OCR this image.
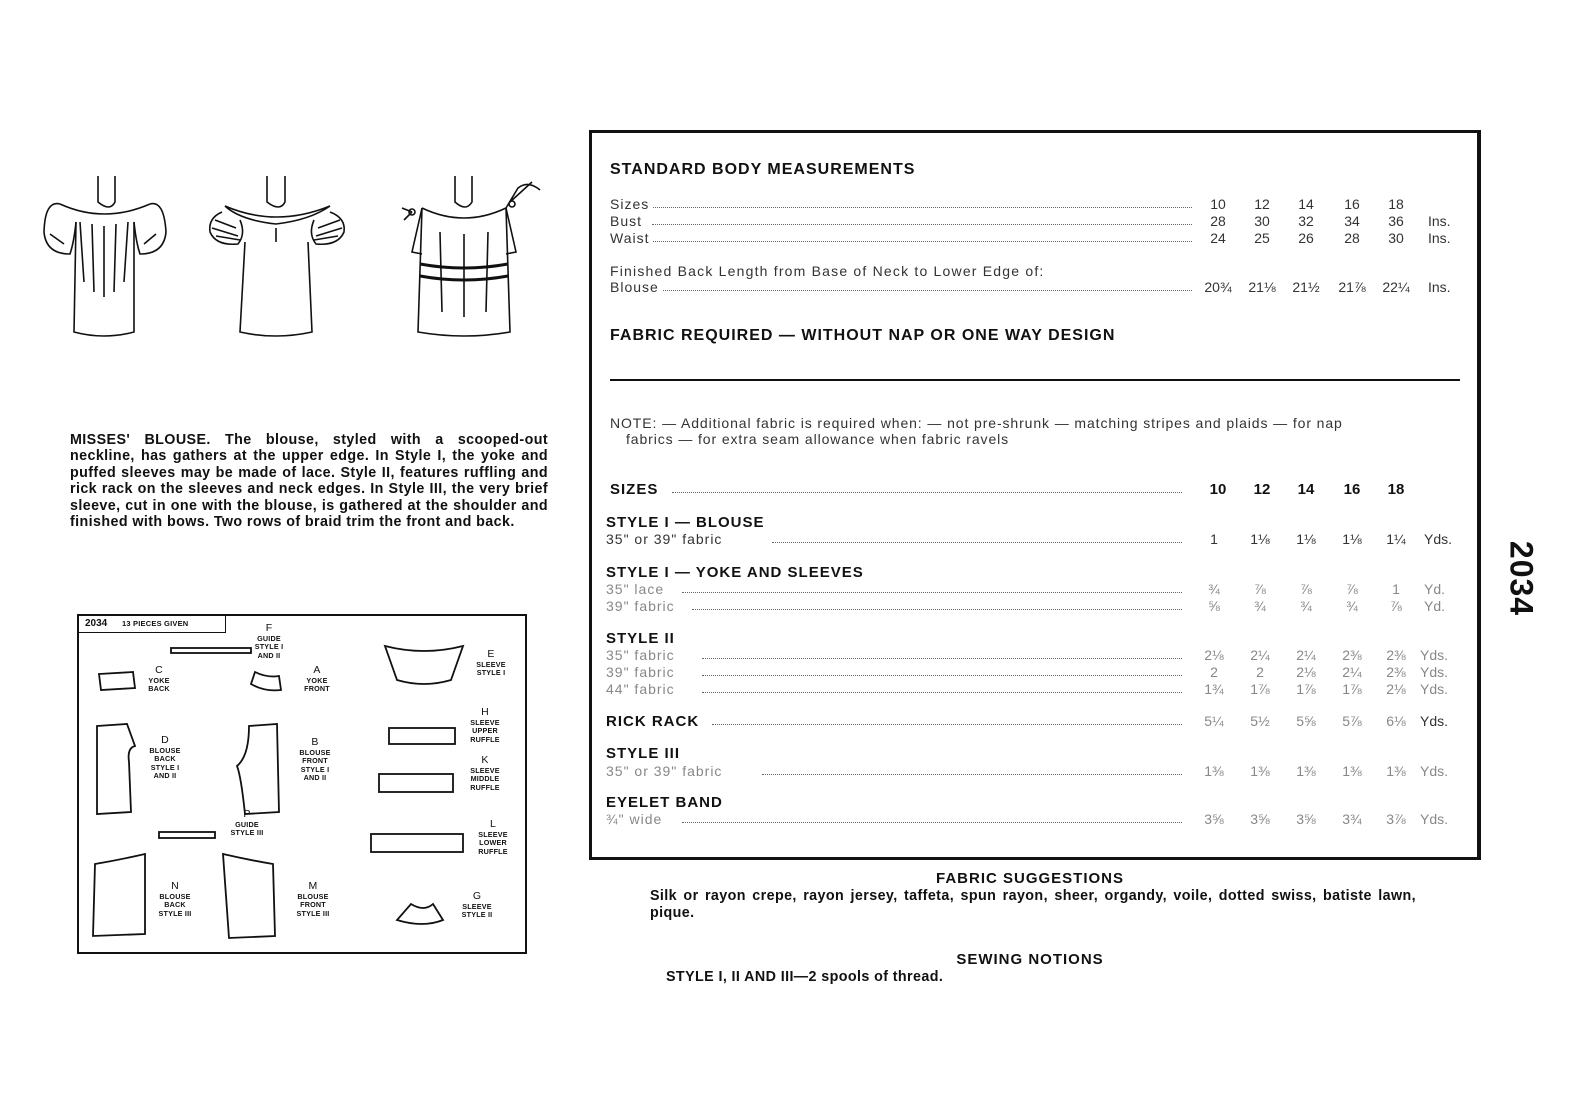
MISSES' BLOUSE. The blouse, styled with a scooped-out neckline, has gathers at the upper edge. In Style I, the yoke and puffed sleeves may be made of lace. Style II, features ruffling and rick rack on the sleeves and neck edges. In Style III, the very brief sleeve, cut in one with the blouse, is gathered at the shoulder and finished with bows. Two rows of braid trim the front and back.
2034 13 PIECES GIVEN	F
GUIDE STYLE I AND II
C
YOKE BACK
A
YOKE FRONT
E
SLEEVE STYLE I
H
SLEEVE UPPER RUFFLE
D
BLOUSE BACK STYLE I AND II
B
BLOUSE FRONT STYLE I AND II
K
SLEEVE MIDDLE RUFFLE
P
GUIDE STYLE III
L
SLEEVE LOWER RUFFLE
N
BLOUSE BACK STYLE III
M
BLOUSE FRONT STYLE III
G
SLEEVE STYLE II
STANDARD BODY MEASUREMENTS
Sizes	10	12	14	16	18
Bust	28	30	32	34	36	Ins.
Waist	24	25	26	28	30	Ins.
Finished Back Length from Base of Neck to Lower Edge of:
Blouse	20¾	21⅛	21½	21⅞	22¼	Ins.
FABRIC REQUIRED — WITHOUT NAP OR ONE WAY DESIGN
NOTE: — Additional fabric is required when: — not pre-shrunk — matching stripes and plaids — for nap
fabrics — for extra seam allowance when fabric ravels
SIZES	10	12	14	16	18
STYLE I — BLOUSE
35" or 39" fabric	1	1⅛	1⅛	1⅛	1¼	Yds.
STYLE I — YOKE AND SLEEVES
35" lace	¾	⅞	⅞	⅞	1	Yd.
39" fabric	⅝	¾	¾	¾	⅞	Yd.
STYLE II
35" fabric	2⅛	2¼	2¼	2⅜	2⅜	Yds.
39" fabric	2	2	2⅛	2¼	2⅜	Yds.
44" fabric	1¾	1⅞	1⅞	1⅞	2⅛	Yds.
RICK RACK	5¼	5½	5⅝	5⅞	6⅛	Yds.
STYLE III
35" or 39" fabric	1⅜	1⅜	1⅜	1⅜	1⅜	Yds.
EYELET BAND
¾" wide	3⅝	3⅝	3⅝	3¾	3⅞	Yds.
FABRIC SUGGESTIONS
Silk or rayon crepe, rayon jersey, taffeta, spun rayon, sheer, organdy, voile, dotted swiss, batiste lawn, pique.
SEWING NOTIONS
STYLE I, II AND III—2 spools of thread.
2034
